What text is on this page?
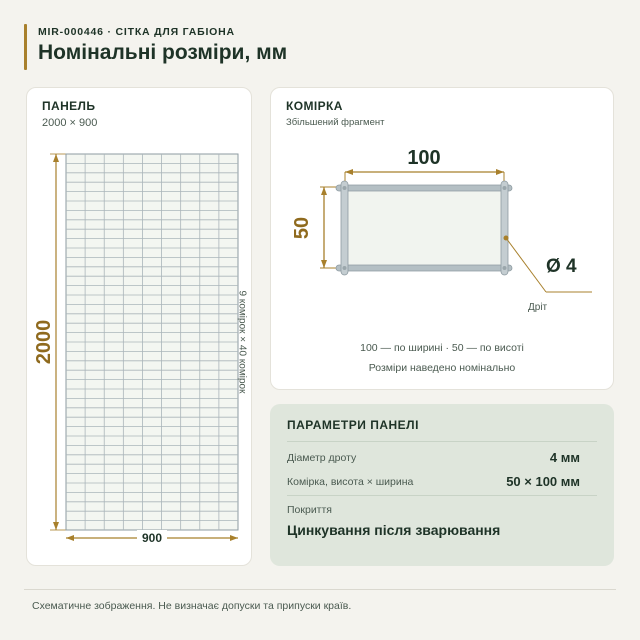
MIR-000446 · СІТКА ДЛЯ ГАБІОНА
Номінальні розміри, мм
ПАНЕЛЬ
2000 × 900
КОМІРКА
Збільшений фрагмент
2000
900
9 комірок × 40 комірок
100
50
Ø 4
Дріт
100 — по ширині · 50 — по висоті
Розміри наведено номінально
ПАРАМЕТРИ ПАНЕЛІ
Діаметр дроту	4 мм
Комірка, висота × ширина	50 × 100 мм
Покриття
Цинкування після зварювання
Схематичне зображення. Не визначає допуски та припуски країв.
